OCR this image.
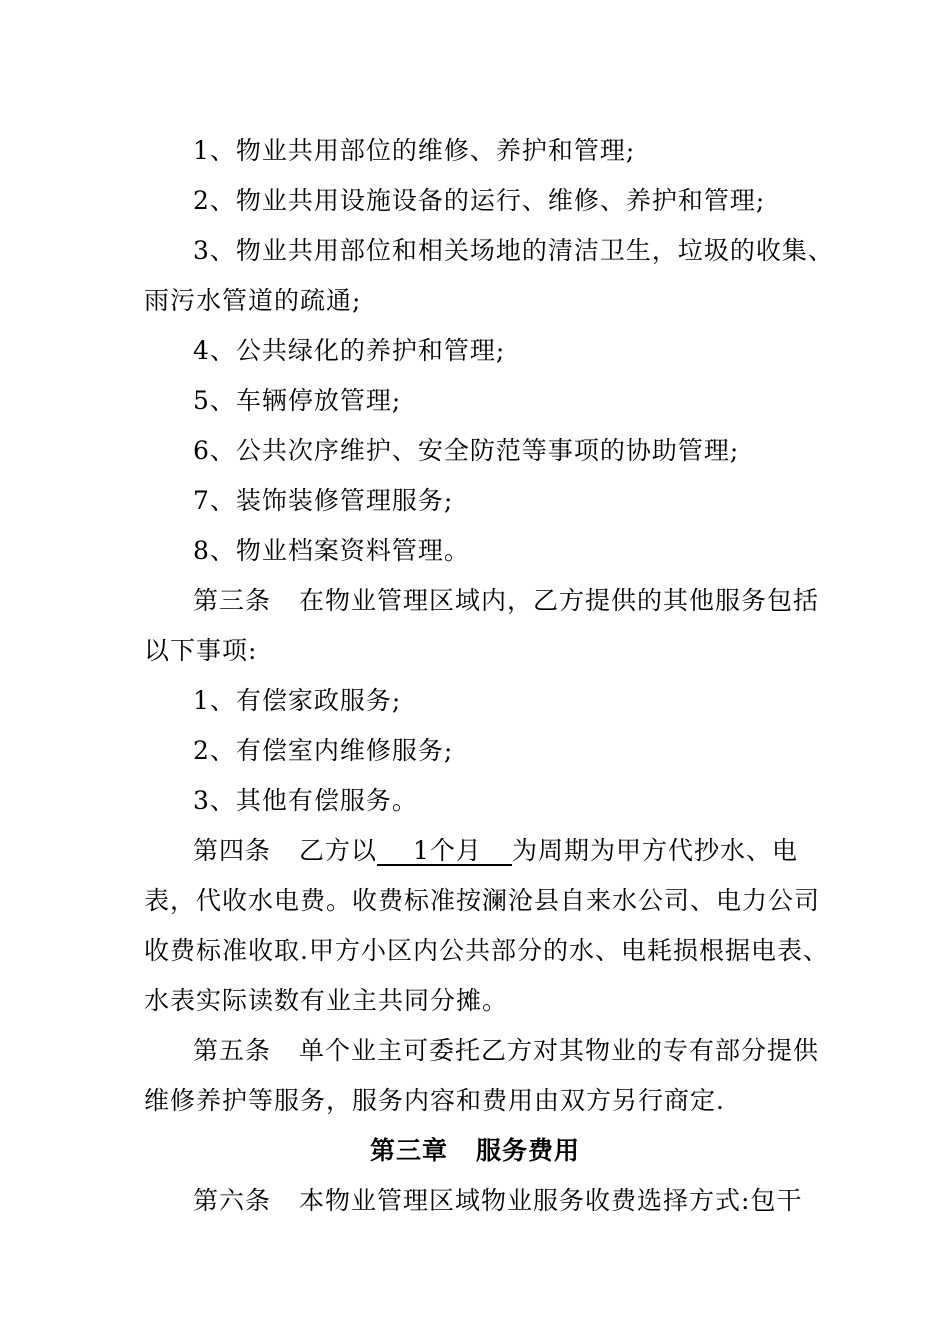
1、物业共用部位的维修、养护和管理;
2、物业共用设施设备的运行、维修、养护和管理;
3、物业共用部位和相关场地的清洁卫生，垃圾的收集、
雨污水管道的疏通;
4、公共绿化的养护和管理;
5、车辆停放管理;
6、公共次序维护、安全防范等事项的协助管理;
7、装饰装修管理服务;
8、物业档案资料管理。
第三条 在物业管理区域内，乙方提供的其他服务包括
以下事项:
1、有偿家政服务;
2、有偿室内维修服务;
3、其他有偿服务。
第四条 乙方以 1个月 为周期为甲方代抄水、电
表，代收水电费。收费标准按澜沧县自来水公司、电力公司
收费标准收取.甲方小区内公共部分的水、电耗损根据电表、
水表实际读数有业主共同分摊。
第五条 单个业主可委托乙方对其物业的专有部分提供
维修养护等服务，服务内容和费用由双方另行商定.
第三章 服务费用
第六条 本物业管理区域物业服务收费选择方式:包干
